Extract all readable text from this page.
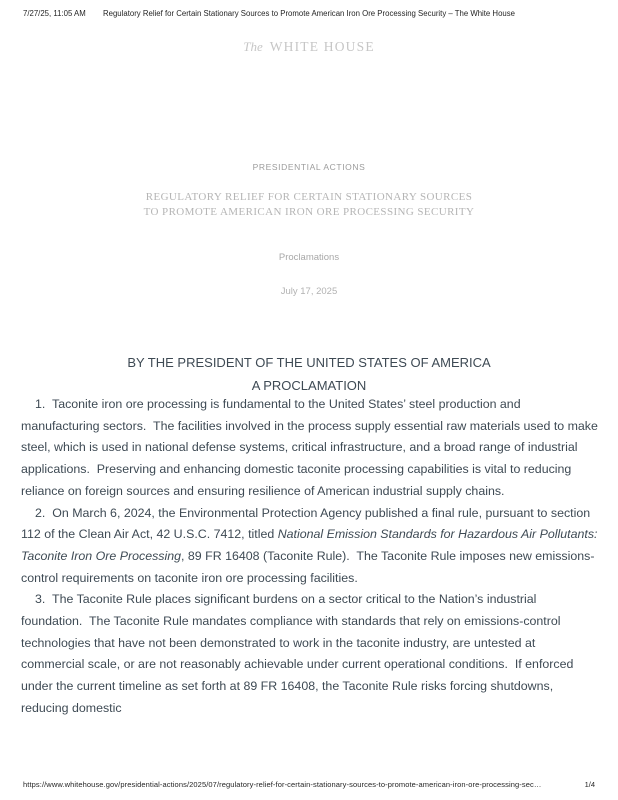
7/27/25, 11:05 AM Regulatory Relief for Certain Stationary Sources to Promote American Iron Ore Processing Security – The White House
The WHITE HOUSE
PRESIDENTIAL ACTIONS
REGULATORY RELIEF FOR CERTAIN STATIONARY SOURCES
TO PROMOTE AMERICAN IRON ORE PROCESSING SECURITY
Proclamations
July 17, 2025
BY THE PRESIDENT OF THE UNITED STATES OF AMERICA
A PROCLAMATION

1.  Taconite iron ore processing is fundamental to the United States’ steel production and manufacturing sectors.  The facilities involved in the process supply essential raw materials used to make steel, which is used in national defense systems, critical infrastructure, and a broad range of industrial applications.  Preserving and enhancing domestic taconite processing capabilities is vital to reducing reliance on foreign sources and ensuring resilience of American industrial supply chains.

2.  On March 6, 2024, the Environmental Protection Agency published a final rule, pursuant to section 112 of the Clean Air Act, 42 U.S.C. 7412, titled National Emission Standards for Hazardous Air Pollutants: Taconite Iron Ore Processing, 89 FR 16408 (Taconite Rule).  The Taconite Rule imposes new emissions-control requirements on taconite iron ore processing facilities.

3.  The Taconite Rule places significant burdens on a sector critical to the Nation’s industrial foundation.  The Taconite Rule mandates compliance with standards that rely on emissions-control technologies that have not been demonstrated to work in the taconite industry, are untested at commercial scale, or are not reasonably achievable under current operational conditions.  If enforced under the current timeline as set forth at 89 FR 16408, the Taconite Rule risks forcing shutdowns, reducing domestic

https://www.whitehouse.gov/presidential-actions/2025/07/regulatory-relief-for-certain-stationary-sources-to-promote-american-iron-ore-processing-sec…	1/4
